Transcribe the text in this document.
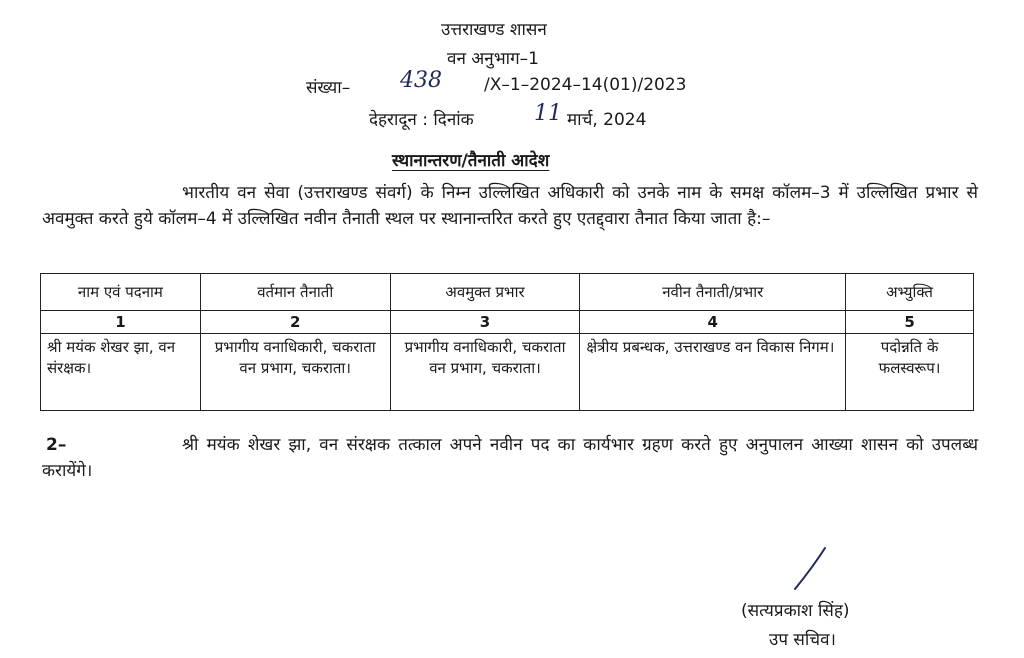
उत्तराखण्ड शासन
वन अनुभाग–1
संख्या– 438 /X–1–2024–14(01)/2023
देहरादून : दिनांक	11 मार्च, 2024
स्थानान्तरण/तैनाती आदेश
भारतीय वन सेवा (उत्तराखण्ड संवर्ग) के निम्न उल्लिखित अधिकारी को उनके नाम के समक्ष कॉलम–3 में उल्लिखित प्रभार से अवमुक्त करते हुये कॉलम–4 में उल्लिखित नवीन तैनाती स्थल पर स्थानान्तरित करते हुए एतद्द्वारा तैनात किया जाता है:–
नाम एवं पदनाम	वर्तमान तैनाती	अवमुक्त प्रभार	नवीन तैनाती/प्रभार	अभ्युक्ति
1	2	3	4	5
श्री मयंक शेखर झा, वन संरक्षक।	प्रभागीय वनाधिकारी, चकराता वन प्रभाग, चकराता।	प्रभागीय वनाधिकारी, चकराता वन प्रभाग, चकराता।	क्षेत्रीय प्रबन्धक, उत्तराखण्ड वन विकास निगम।	पदोन्नति के फलस्वरूप।
2–	श्री मयंक शेखर झा, वन संरक्षक तत्काल अपने नवीन पद का कार्यभार ग्रहण करते हुए अनुपालन आख्या शासन को उपलब्ध करायेंगे।
(सत्यप्रकाश सिंह)
उप सचिव।
